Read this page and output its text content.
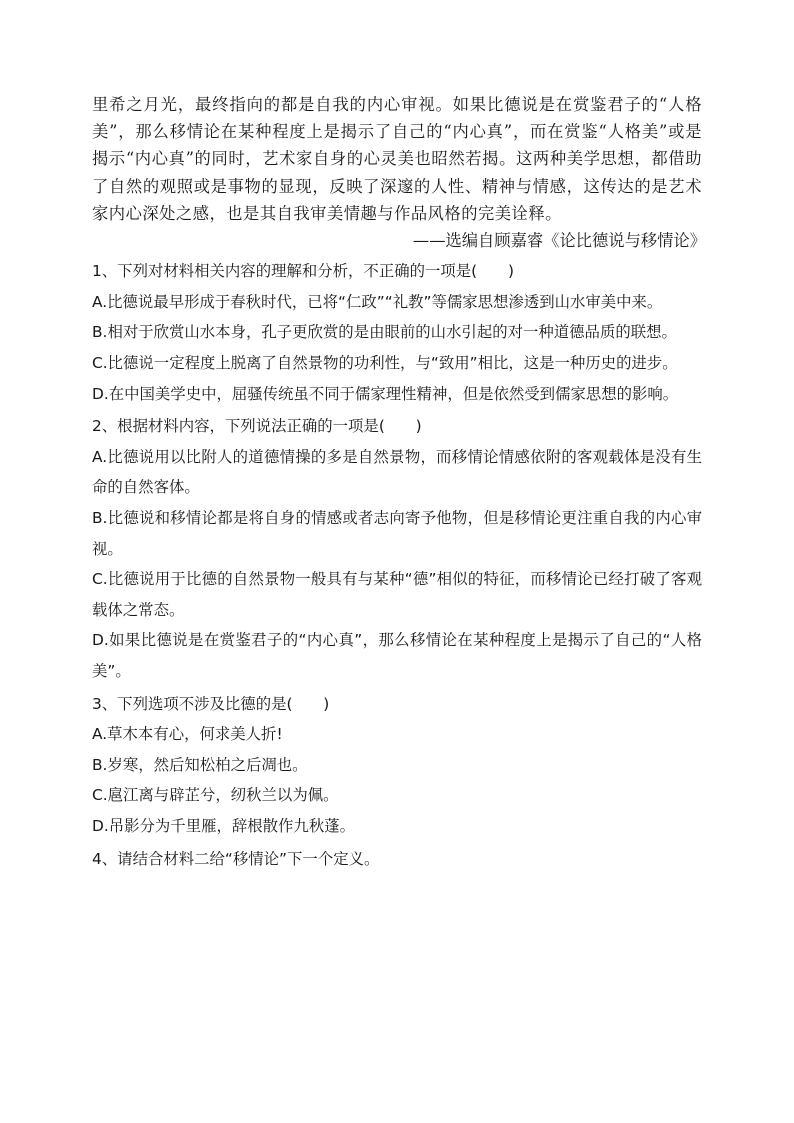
里希之月光，最终指向的都是自我的内心审视。如果比德说是在赏鉴君子的“人格美”，那么移情论在某种程度上是揭示了自己的“内心真”，而在赏鉴“人格美”或是揭示“内心真”的同时，艺术家自身的心灵美也昭然若揭。这两种美学思想，都借助了自然的观照或是事物的显现，反映了深邃的人性、精神与情感，这传达的是艺术家内心深处之感，也是其自我审美情趣与作品风格的完美诠释。

——选编自顾嘉睿《论比德说与移情论》

1、下列对材料相关内容的理解和分析，不正确的一项是(　　)

A.比德说最早形成于春秋时代，已将“仁政”“礼教”等儒家思想渗透到山水审美中来。

B.相对于欣赏山水本身，孔子更欣赏的是由眼前的山水引起的对一种道德品质的联想。

C.比德说一定程度上脱离了自然景物的功利性，与“致用”相比，这是一种历史的进步。

D.在中国美学史中，屈骚传统虽不同于儒家理性精神，但是依然受到儒家思想的影响。

2、根据材料内容，下列说法正确的一项是(　　)

A.比德说用以比附人的道德情操的多是自然景物，而移情论情感依附的客观载体是没有生命的自然客体。

B.比德说和移情论都是将自身的情感或者志向寄予他物，但是移情论更注重自我的内心审视。

C.比德说用于比德的自然景物一般具有与某种“德”相似的特征，而移情论已经打破了客观载体之常态。

D.如果比德说是在赏鉴君子的“内心真”，那么移情论在某种程度上是揭示了自己的“人格美”。

3、下列选项不涉及比德的是(　　)

A.草木本有心，何求美人折!

B.岁寒，然后知松柏之后凋也。

C.扈江离与辟芷兮，纫秋兰以为佩。

D.吊影分为千里雁，辞根散作九秋蓬。

4、请结合材料二给“移情论”下一个定义。
